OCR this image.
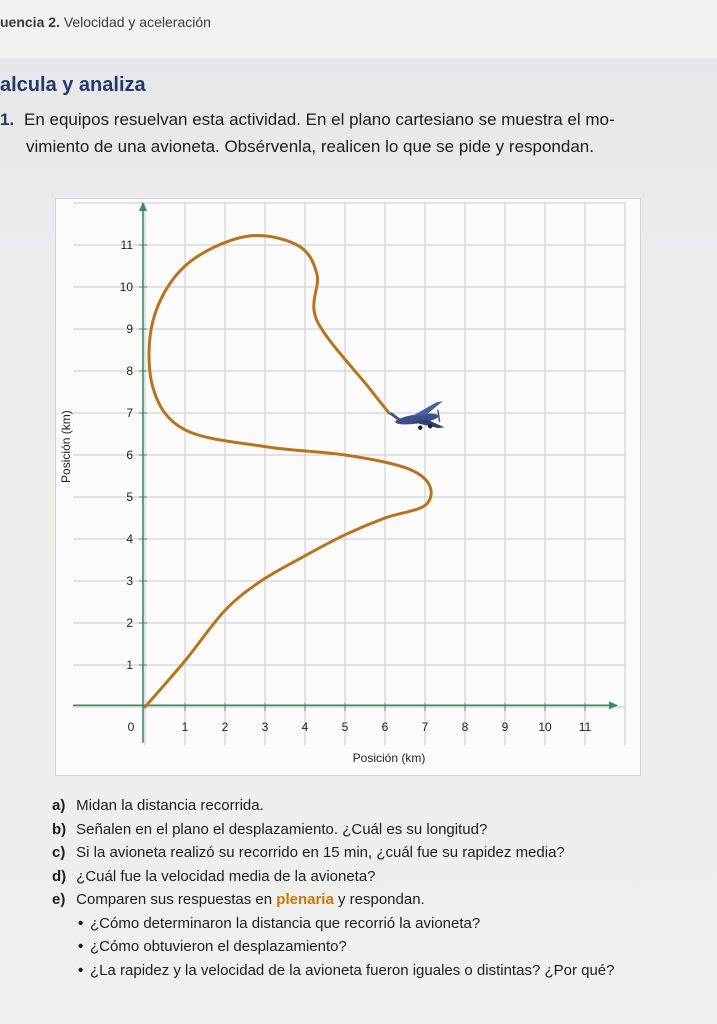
uencia 2. Velocidad y aceleración
alcula y analiza
1. En equipos resuelvan esta actividad. En el plano cartesiano se muestra el mo-
vimiento de una avioneta. Obsérvenla, realicen lo que se pide y respondan.
0	1	2	3	4	5	6	7	8	9 10 11
1
2
3
4
5
6
7
8
9
10
11
Posición (km)
Posición (km)
a) Midan la distancia recorrida.
b) Señalen en el plano el desplazamiento. ¿Cuál es su longitud?
c) Si la avioneta realizó su recorrido en 15 min, ¿cuál fue su rapidez media?
d) ¿Cuál fue la velocidad media de la avioneta?
e) Comparen sus respuestas en plenaria y respondan.
• ¿Cómo determinaron la distancia que recorrió la avioneta?
• ¿Cómo obtuvieron el desplazamiento?
• ¿La rapidez y la velocidad de la avioneta fueron iguales o distintas? ¿Por qué?
